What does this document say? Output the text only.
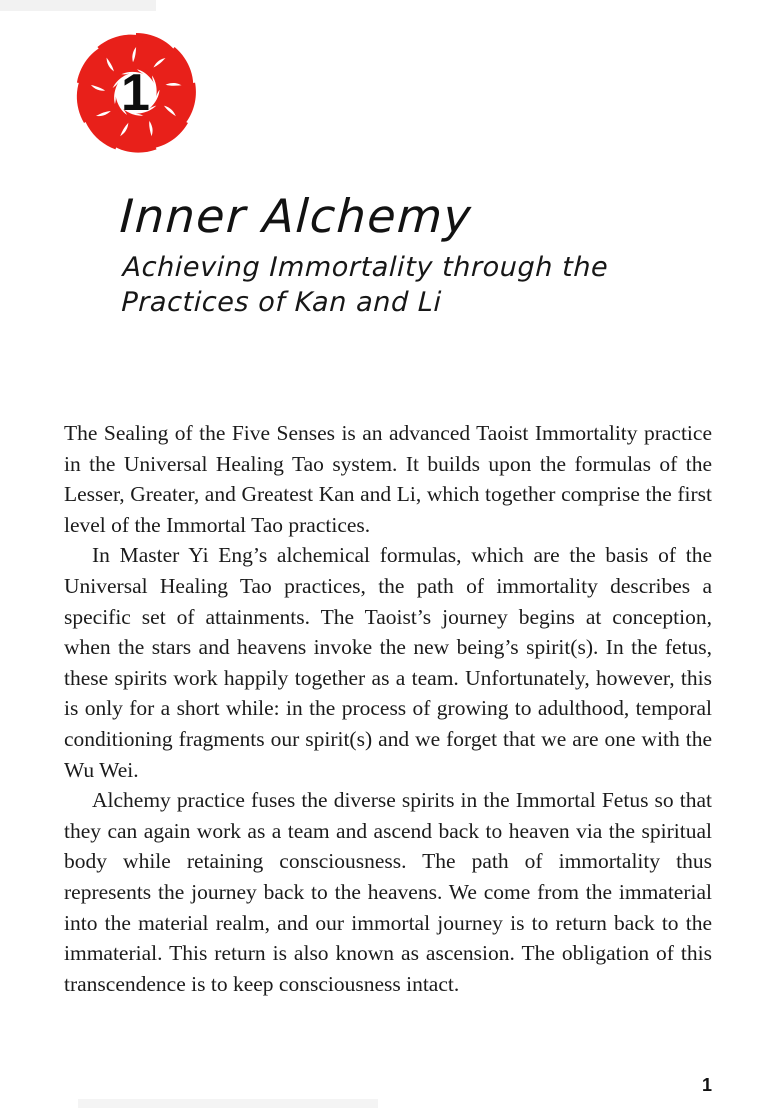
1
Inner Alchemy
Achieving Immortality through the Practices of Kan and Li

The Sealing of the Five Senses is an advanced Taoist Immortality practice in the Universal Healing Tao system. It builds upon the formulas of the Lesser, Greater, and Greatest Kan and Li, which together comprise the first level of the Immortal Tao practices.

In Master Yi Eng’s alchemical formulas, which are the basis of the Universal Healing Tao practices, the path of immortality describes a specific set of attainments. The Taoist’s journey begins at conception, when the stars and heavens invoke the new being’s spirit(s). In the fetus, these spirits work happily together as a team. Unfortunately, however, this is only for a short while: in the process of growing to adulthood, temporal conditioning fragments our spirit(s) and we forget that we are one with the Wu Wei.

Alchemy practice fuses the diverse spirits in the Immortal Fetus so that they can again work as a team and ascend back to heaven via the spiritual body while retaining consciousness. The path of immortality thus represents the journey back to the heavens. We come from the immaterial into the material realm, and our immortal journey is to return back to the immaterial. This return is also known as ascension. The obligation of this transcendence is to keep consciousness intact.

1
